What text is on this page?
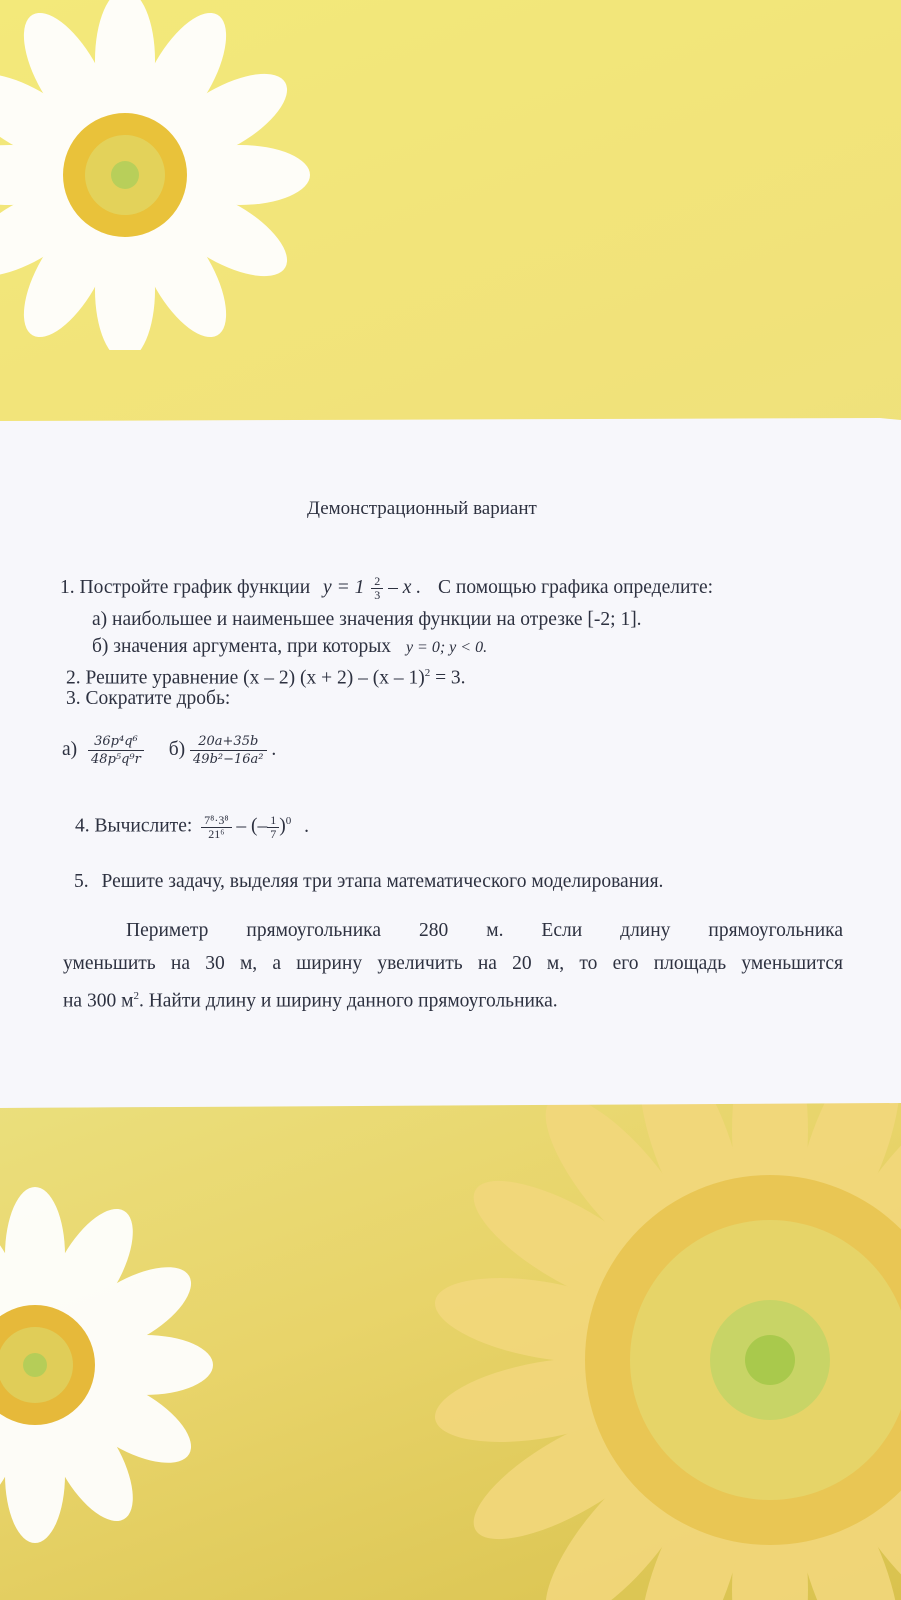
Демонстрационный вариант
1. Постройте график функции $y = 1 \frac{2}{3} - x$ . С помощью графика определите:
а) наибольшее и наименьшее значения функции на отрезке [-2; 1].
б) значения аргумента, при которых y = 0; y < 0.
2. Решите уравнение (х – 2) (х + 2) – (х – 1)$^2$ = 3.
3. Сократите дробь:
$а) \frac{\text{36p⁴q⁶}}{\text{48p⁵q⁹r}} б) \frac{20a+35b}{\text{49b²−16a²}}$ .
4. Вычислите: $\frac{\text{7⁸·3⁸}}{\text{21⁶}}$ – (– $\frac{1}{7} )^0$ .
5. Решите задачу, выделяя три этапа математического моделирования.
Периметр прямоугольника 280 м. Если длину прямоугольника
уменьшить на 30 м, а ширину увеличить на 20 м, то его площадь уменьшится
на 300 $м^2$. Найти длину и ширину данного прямоугольника.
